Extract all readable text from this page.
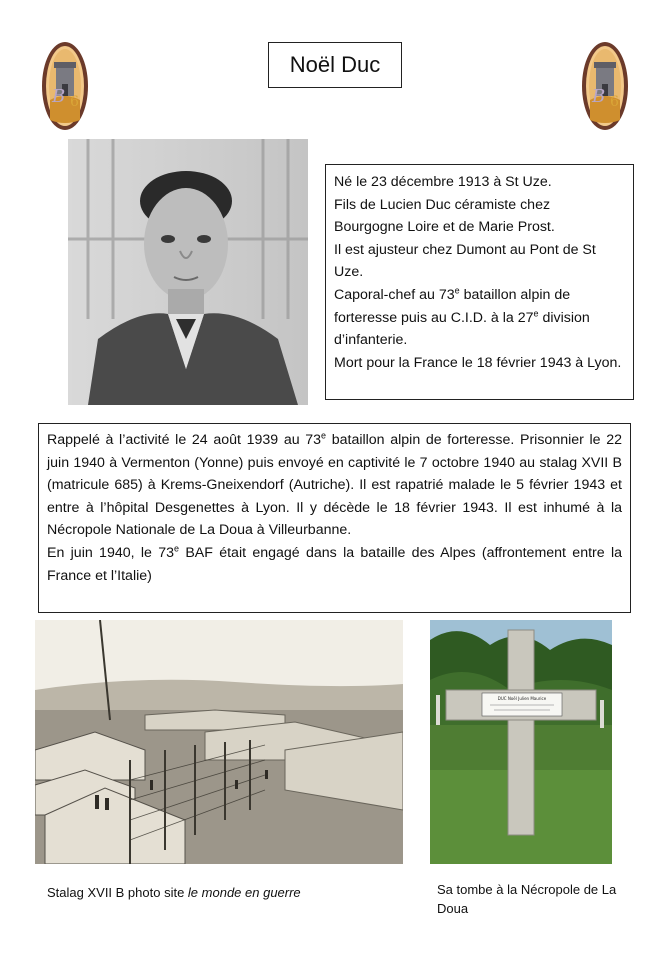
B 6
Noël Duc
B 6

Né le 23 décembre 1913 à St Uze.

Fils de Lucien Duc céramiste chez Bourgogne Loire et de Marie Prost.

Il est ajusteur chez Dumont au Pont de St Uze.

Caporal-chef au 73e bataillon alpin de forteresse puis au C.I.D. à la 27e division d’infanterie.

Mort pour la France le 18 février 1943 à Lyon.

Rappelé à l’activité le 24 août 1939 au 73e bataillon alpin de forteresse. Prisonnier le 22 juin 1940 à Vermenton (Yonne) puis envoyé en captivité le 7 octobre 1940 au stalag XVII B (matricule 685) à Krems-Gneixendorf (Autriche). Il est rapatrié malade le 5 février 1943 et entre à l’hôpital Desgenettes à Lyon. Il y décède le 18 février 1943. Il est inhumé à la Nécropole Nationale de La Doua à Villeurbanne.

En juin 1940, le 73e BAF était engagé dans la bataille des Alpes (affrontement entre la France et l’Italie)

DUC Noël Julien Maurice
Stalag XVII B photo site le monde en guerre	Sa tombe à la Nécropole de La Doua
